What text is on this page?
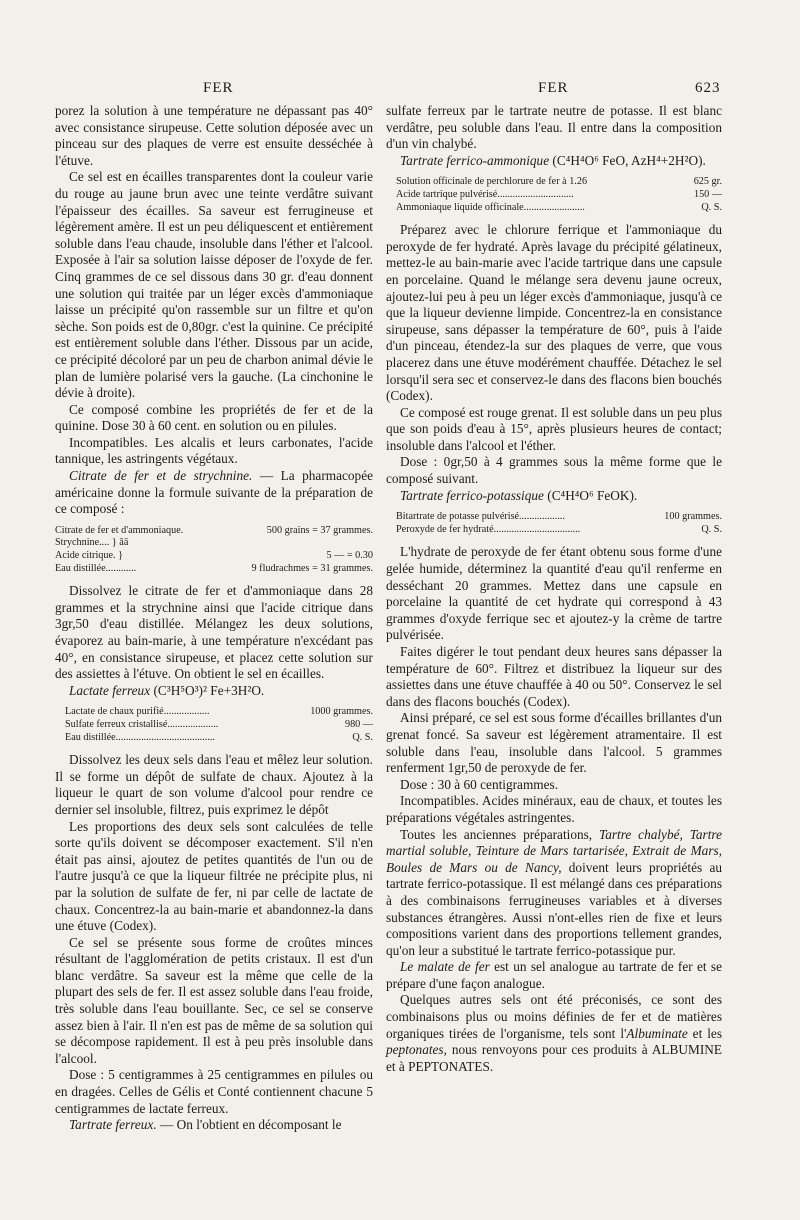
FER	FER	623

porez la solution à une température ne dépassant pas 40° avec consistance sirupeuse. Cette solution déposée avec un pinceau sur des plaques de verre est ensuite desséchée à l'étuve.

Ce sel est en écailles transparentes dont la couleur varie du rouge au jaune brun avec une teinte verdâtre suivant l'épaisseur des écailles. Sa saveur est ferrugineuse et légèrement amère. Il est un peu déliquescent et entièrement soluble dans l'eau chaude, insoluble dans l'éther et l'alcool. Exposée à l'air sa solution laisse déposer de l'oxyde de fer. Cinq grammes de ce sel dissous dans 30 gr. d'eau donnent une solution qui traitée par un léger excès d'ammoniaque laisse un précipité qu'on rassemble sur un filtre et qu'on sèche. Son poids est de 0,80gr. c'est la quinine. Ce précipité est entièrement soluble dans l'éther. Dissous par un acide, ce précipité décoloré par un peu de charbon animal dévie le plan de lumière polarisé vers la gauche. (La cinchonine le dévie à droite).

Ce composé combine les propriétés de fer et de la quinine. Dose 30 à 60 cent. en solution ou en pilules.

Incompatibles. Les alcalis et leurs carbonates, l'acide tannique, les astringents végétaux.

Citrate de fer et de strychnine. — La pharmacopée américaine donne la formule suivante de la préparation de ce composé :

Citrate de fer et d'ammoniaque.	500 grains = 37 grammes.
Strychnine.... } āā	
Acide citrique. }	5 — = 0.30
Eau distillée............	9 fludrachmes = 31 grammes.

Dissolvez le citrate de fer et d'ammoniaque dans 28 grammes et la strychnine ainsi que l'acide citrique dans 3gr,50 d'eau distillée. Mélangez les deux solutions, évaporez au bain-marie, à une température n'excédant pas 40°, en consistance sirupeuse, et placez cette solution sur des assiettes à l'étuve. On obtient le sel en écailles.

Lactate ferreux (C³H⁵O³)² Fe+3H²O.

Lactate de chaux purifié..................	1000 grammes.
Sulfate ferreux cristallisé....................	980 —
Eau distillée.......................................	Q. S.

Dissolvez les deux sels dans l'eau et mêlez leur solution. Il se forme un dépôt de sulfate de chaux. Ajoutez à la liqueur le quart de son volume d'alcool pour rendre ce dernier sel insoluble, filtrez, puis exprimez le dépôt

Les proportions des deux sels sont calculées de telle sorte qu'ils doivent se décomposer exactement. S'il n'en était pas ainsi, ajoutez de petites quantités de l'un ou de l'autre jusqu'à ce que la liqueur filtrée ne précipite plus, ni par la solution de sulfate de fer, ni par celle de lactate de chaux. Concentrez-la au bain-marie et abandonnez-la dans une étuve (Codex).

Ce sel se présente sous forme de croûtes minces résultant de l'agglomération de petits cristaux. Il est d'un blanc verdâtre. Sa saveur est la même que celle de la plupart des sels de fer. Il est assez soluble dans l'eau froide, très soluble dans l'eau bouillante. Sec, ce sel se conserve assez bien à l'air. Il n'en est pas de même de sa solution qui se décompose rapidement. Il est à peu près insoluble dans l'alcool.

Dose : 5 centigrammes à 25 centigrammes en pilules ou en dragées. Celles de Gélis et Conté contiennent chacune 5 centigrammes de lactate ferreux.

Tartrate ferreux. — On l'obtient en décomposant le

sulfate ferreux par le tartrate neutre de potasse. Il est blanc verdâtre, peu soluble dans l'eau. Il entre dans la composition d'un vin chalybé.

Tartrate ferrico-ammonique (C⁴H⁴O⁶ FeO, AzH⁴+2H²O).

Solution officinale de perchlorure de fer à 1.26	625 gr.
Acide tartrique pulvérisé..............................	150 —
Ammoniaque liquide officinale........................	Q. S.

Préparez avec le chlorure ferrique et l'ammoniaque du peroxyde de fer hydraté. Après lavage du précipité gélatineux, mettez-le au bain-marie avec l'acide tartrique dans une capsule en porcelaine. Quand le mélange sera devenu jaune ocreux, ajoutez-lui peu à peu un léger excès d'ammoniaque, jusqu'à ce que la liqueur devienne limpide. Concentrez-la en consistance sirupeuse, sans dépasser la température de 60°, puis à l'aide d'un pinceau, étendez-la sur des plaques de verre, que vous placerez dans une étuve modérément chauffée. Détachez le sel lorsqu'il sera sec et conservez-le dans des flacons bien bouchés (Codex).

Ce composé est rouge grenat. Il est soluble dans un peu plus que son poids d'eau à 15°, après plusieurs heures de contact; insoluble dans l'alcool et l'éther.

Dose : 0gr,50 à 4 grammes sous la même forme que le composé suivant.

Tartrate ferrico-potassique (C⁴H⁴O⁶ FeOK).

Bitartrate de potasse pulvérisé..................	100 grammes.
Peroxyde de fer hydraté..................................	Q. S.

L'hydrate de peroxyde de fer étant obtenu sous forme d'une gelée humide, déterminez la quantité d'eau qu'il renferme en desséchant 20 grammes. Mettez dans une capsule en porcelaine la quantité de cet hydrate qui correspond à 43 grammes d'oxyde ferrique sec et ajoutez-y la crème de tartre pulvérisée.

Faites digérer le tout pendant deux heures sans dépasser la température de 60°. Filtrez et distribuez la liqueur sur des assiettes dans une étuve chauffée à 40 ou 50°. Conservez le sel dans des flacons bouchés (Codex).

Ainsi préparé, ce sel est sous forme d'écailles brillantes d'un grenat foncé. Sa saveur est légèrement atramentaire. Il est soluble dans l'eau, insoluble dans l'alcool. 5 grammes renferment 1gr,50 de peroxyde de fer.

Dose : 30 à 60 centigrammes.

Incompatibles. Acides minéraux, eau de chaux, et toutes les préparations végétales astringentes.

Toutes les anciennes préparations, Tartre chalybé, Tartre martial soluble, Teinture de Mars tartarisée, Extrait de Mars, Boules de Mars ou de Nancy, doivent leurs propriétés au tartrate ferrico-potassique. Il est mélangé dans ces préparations à des combinaisons ferrugineuses variables et à diverses substances étrangères. Aussi n'ont-elles rien de fixe et leurs compositions varient dans des proportions tellement grandes, qu'on leur a substitué le tartrate ferrico-potassique pur.

Le malate de fer est un sel analogue au tartrate de fer et se prépare d'une façon analogue.

Quelques autres sels ont été préconisés, ce sont des combinaisons plus ou moins définies de fer et de matières organiques tirées de l'organisme, tels sont l'Albuminate et les peptonates, nous renvoyons pour ces produits à ALBUMINE et à PEPTONATES.
